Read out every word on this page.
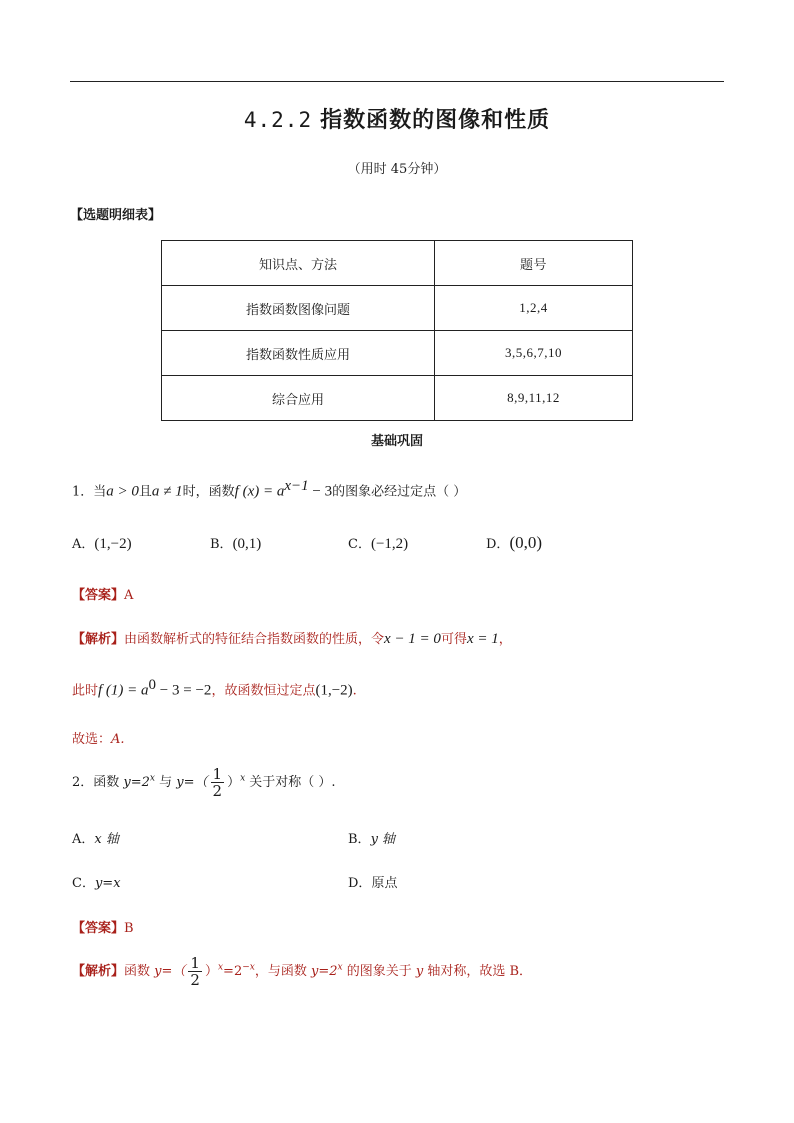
4.2.2 指数函数的图像和性质
（用时 45分钟）
【选题明细表】
知识点、方法	题号
指数函数图像问题	1,2,4
指数函数性质应用	3,5,6,7,10
综合应用	8,9,11,12
基础巩固
1．当a > 0且a ≠ 1时，函数f $(x) = a^{x-1} - 3$的图象必经过定点（ ）
A．(1,−2)	B．(0,1)	C．(−1,2)	D．(0,0)
【答案】A
【解析】由函数解析式的特征结合指数函数的性质，令x − 1 = 0可得x = 1，
此时f $(1) = a^0 - 3 = -2$，故函数恒过定点(1,−2).
故选：A.
2．函数 $y=2^x$ 与 $y=( \frac{1}{2} )^x$ 关于对称（ ）.
A．x 轴	B．y 轴
C．y=x	D．原点
【答案】B
【解析】函数 $y=( \frac{1}{2} )^x=2^{-x}$，与函数 $y=2^x$ 的图象关于 y 轴对称，故选 B．
